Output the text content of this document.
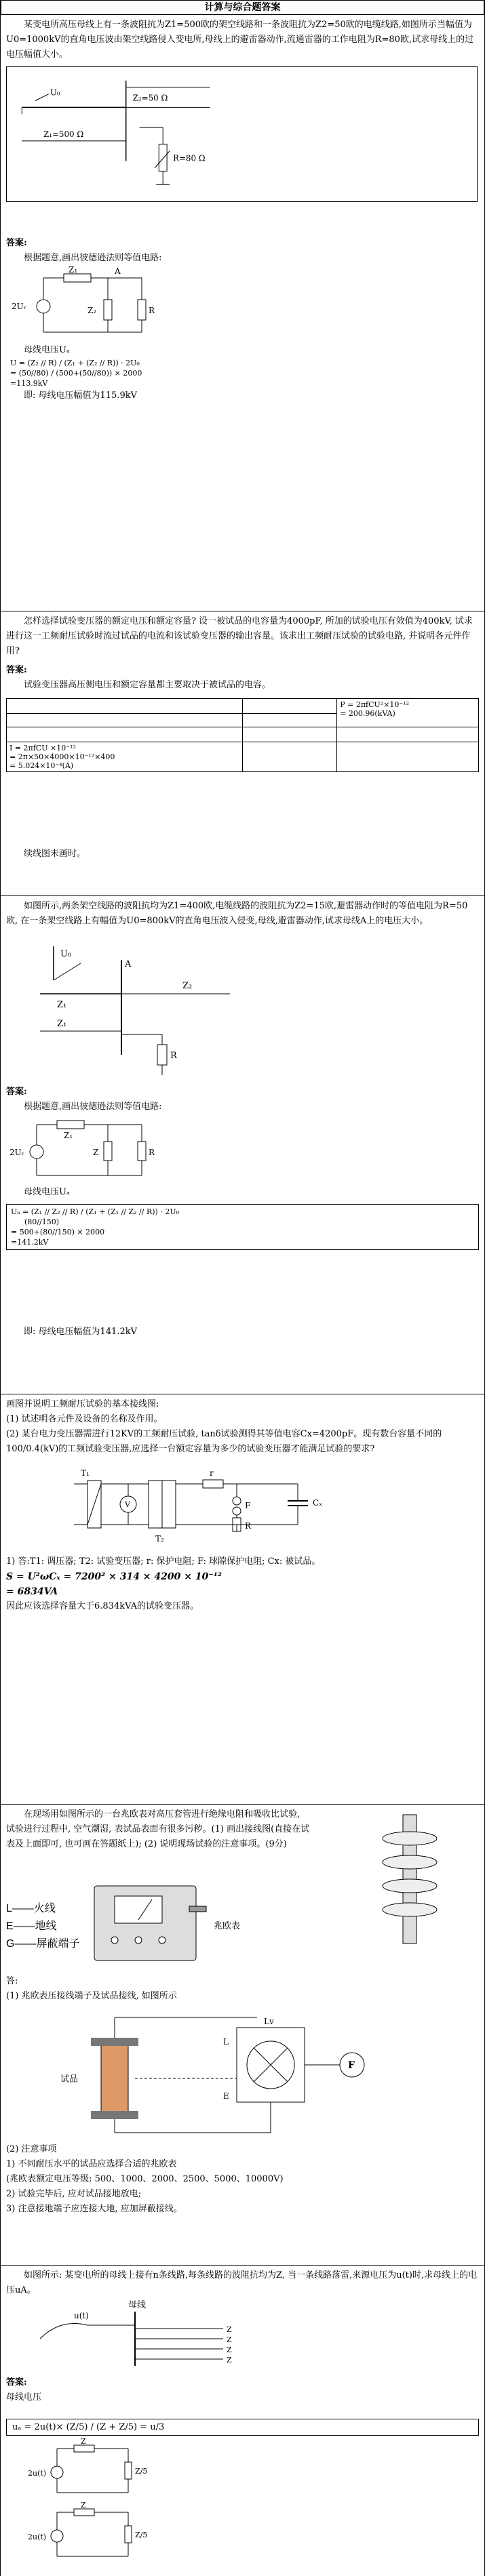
计算与综合题答案
某变电所高压母线上有一条波阻抗为Z1=500欧的架空线路和一条波阻抗为Z2=50欧的电缆线路,如图所示当幅值为U0=1000kV的直角电压波由架空线路侵入变电所,母线上的避雷器动作,流通雷器的工作电阻为R=80欧,试求母线上的过电压幅值大小。
U₀
Z₁=500 Ω
Z₂=50 Ω
R=80 Ω
答案:
根据题意,画出彼德逊法则等值电路:
2Uᵣ
Z₁	A
Z₂	R
母线电压Uₐ
U = (Z₂ // R) / (Z₁ + (Z₂ // R)) · 2U₀
= (50//80) / (500+(50//80)) × 2000
=113.9kV
即: 母线电压幅值为115.9kV
怎样选择试验变压器的额定电压和额定容量? 设一被试品的电容量为4000pF, 所加的试验电压有效值为400kV, 试求进行这一工频耐压试验时流过试品的电流和该试验变压器的输出容量。该求出工频耐压试验的试验电路, 并说明各元件作用?
答案:
试验变压器高压侧电压和额定容量都主要取决于被试品的电容。

		P = 2πfCU²×10⁻¹²
= 200.96(kVA)

I = 2πfCU ×10⁻¹²
= 2π×50×4000×10⁻¹²×400
= 5.024×10⁻⁴(A)		

续线图未画时。
如图所示,两条架空线路的波阻抗均为Z1=400欧,电缆线路的波阻抗为Z2=15欧,避雷器动作时的等值电阻为R=50欧, 在一条架空线路上有幅值为U0=800kV的直角电压波入侵变,母线,避雷器动作,试求母线A上的电压大小。
U₀
Z₁
A
Z₂
Z₁
R
答案:
根据题意,画出彼德逊法则等值电路:
2Uᵣ
Z₁
Z	R
母线电压Uₐ
Uₐ = (Z₁ // Z₂ // R) / (Z₁ + (Z₁ // Z₂ // R)) · 2U₀
(80//150)
= 500+(80//150) × 2000
=141.2kV
即: 母线电压幅值为141.2kV
画图并说明工频耐压试验的基本接线图:
(1) 试述明各元件及设备的名称及作用。
(2) 某台电力变压器需进行12KV的工频耐压试验, tanδ试验测得其等值电容Cx=4200pF。现有数台容量不同的100/0.4(kV)的工频试验变压器,应选择一台额定容量为多少的试验变压器才能满足试验的要求?
T₁
V
T₂
r
F
R
Cₓ
1) 答:T1: 调压器; T2: 试验变压器; r: 保护电阻; F: 球隙保护电阻; Cx: 被试品。
S = U²ωCₓ = 7200² × 314 × 4200 × 10⁻¹²
= 6834VA
因此应该选择容量大于6.834kVA的试验变压器。
在现场用如图所示的一台兆欧表对高压套管进行绝缘电阻和吸收比试验, 试验进行过程中, 空气潮湿, 表试品表面有很多污秽。(1) 画出接线图(直接在试表及上面即可, 也可画在答题纸上); (2) 说明现场试验的注意事项。(9分)
L——火线
E——地线
G——屏蔽端子
兆欧表
答:
(1) 兆欧表压接线端子及试品接线, 如图所示
试品
Lv
L
E
F
(2) 注意事项
1) 不同耐压水平的试品应选择合适的兆欧表
(兆欧表额定电压等级: 500、1000、2000、2500、5000、10000V)
2) 试验完毕后, 应对试品接地放电;
3) 注意接地端子应连接大地, 应加屏蔽接线。
如图所示: 某变电所的母线上接有n条线路,每条线路的波阻抗均为Z, 当一条线路落雷,来源电压为u(t)时,求母线上的电压uA。
母线
u(t)
Z
Z
Z
Z
答案:
母线电压
uₐ = 2u(t)× (Z/5) / (Z + Z/5) = u/3
2u(t)
Z
Z/5
2u(t)
Z
Z/5
